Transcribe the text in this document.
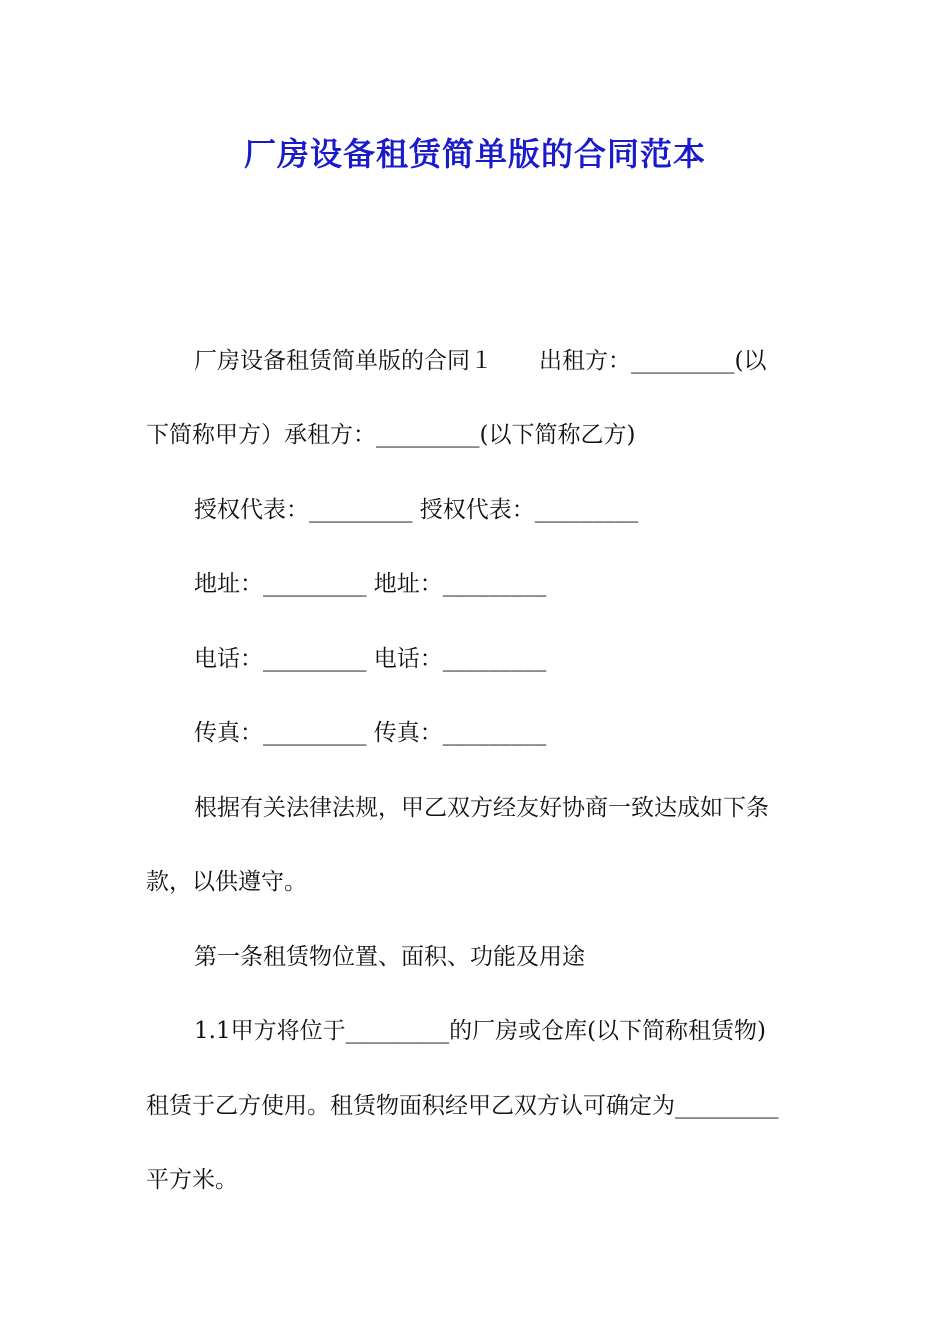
厂房设备租赁简单版的合同范本
厂房设备租赁简单版的合同１　　出租方：_________(以
下简称甲方）承租方：_________(以下简称乙方)
授权代表：_________ 授权代表：_________
地址：_________ 地址：_________
电话：_________ 电话：_________
传真：_________ 传真：_________
根据有关法律法规，甲乙双方经友好协商一致达成如下条
款，以供遵守。
第一条租赁物位置、面积、功能及用途
1.1甲方将位于_________的厂房或仓库(以下简称租赁物)
租赁于乙方使用。租赁物面积经甲乙双方认可确定为_________
平方米。
